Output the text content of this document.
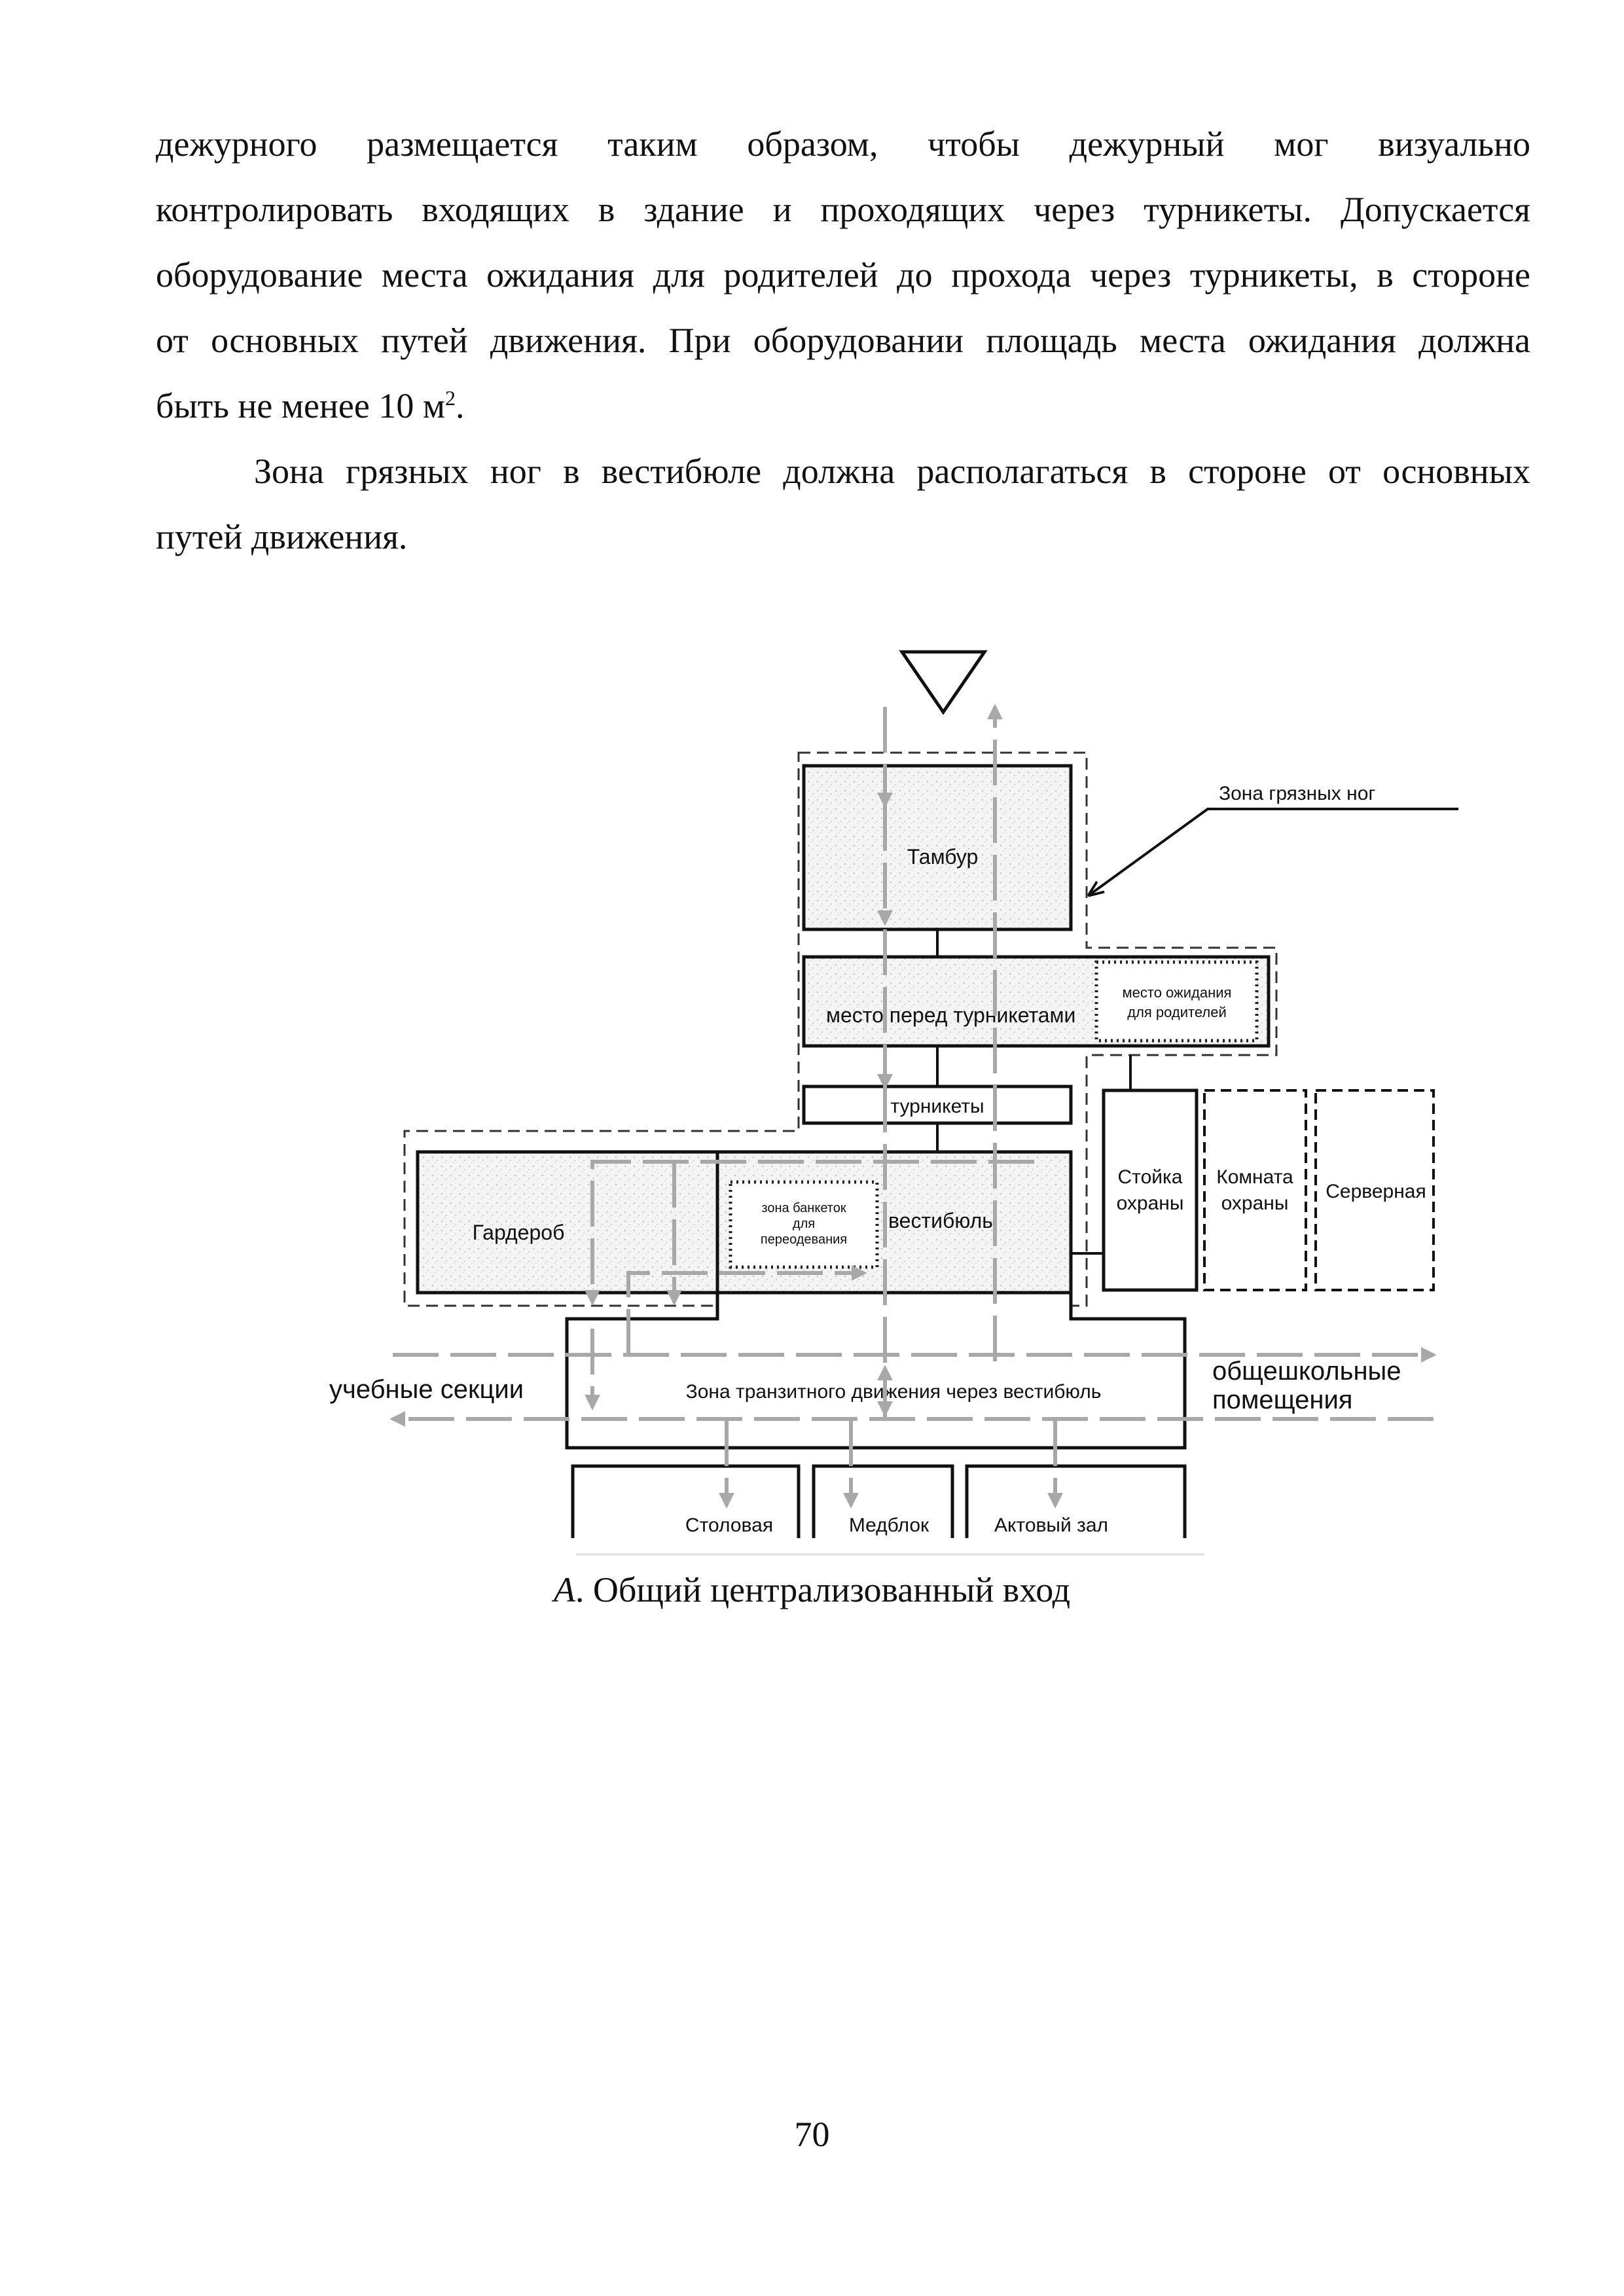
дежурного размещается таким образом, чтобы дежурный мог визуально
контролировать входящих в здание и проходящих через турникеты. Допускается
оборудование места ожидания для родителей до прохода через турникеты, в стороне
от основных путей движения. При оборудовании площадь места ожидания должна
быть не менее 10 $м^2$.
Зона грязных ног в вестибюле должна располагаться в стороне от основных
путей движения.
Тамбур
место перед турникетами
место ожидания
для родителей
турникеты
Гардероб	вестибюль
зона банкеток
для
переодевания
Стойка
охраны
Комната
охраны
Серверная
Зона транзитного движения через вестибюль
Столовая	Медблок	Актовый зал
учебные секции
общешкольные
помещения
Зона грязных ног
А. Общий централизованный вход
70
